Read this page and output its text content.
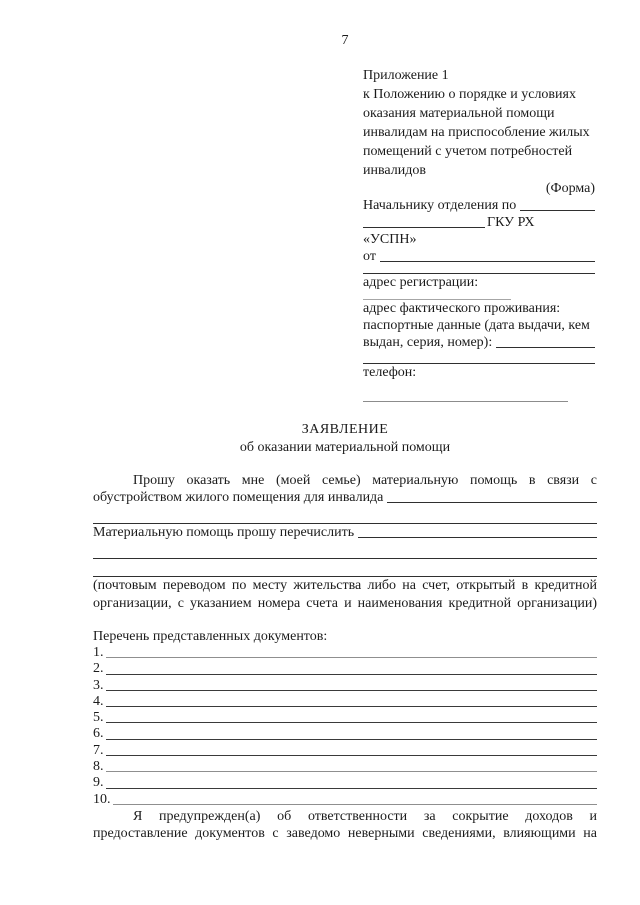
7
Приложение 1
к Положению о порядке и условиях
оказания материальной помощи
инвалидам на приспособление жилых
помещений с учетом потребностей
инвалидов
(Форма)
Начальнику отделения по
ГКУ РХ
«УСПН»
от
адрес регистрации:
адрес фактического проживания:
паспортные данные (дата выдачи, кем
выдан, серия, номер):
телефон:
ЗАЯВЛЕНИЕ
об оказании материальной помощи
Прошу оказать мне (моей семье) материальную помощь в связи с
обустройством жилого помещения для инвалида
Материальную помощь прошу перечислить
(почтовым переводом по месту жительства либо на счет, открытый в кредитной
организации, с указанием номера счета и наименования кредитной организации)
Перечень представленных документов:
1.
2.
3.
4.
5.
6.
7.
8.
9.
10.
Я предупрежден(а) об ответственности за сокрытие доходов и
предоставление документов с заведомо неверными сведениями, влияющими на
